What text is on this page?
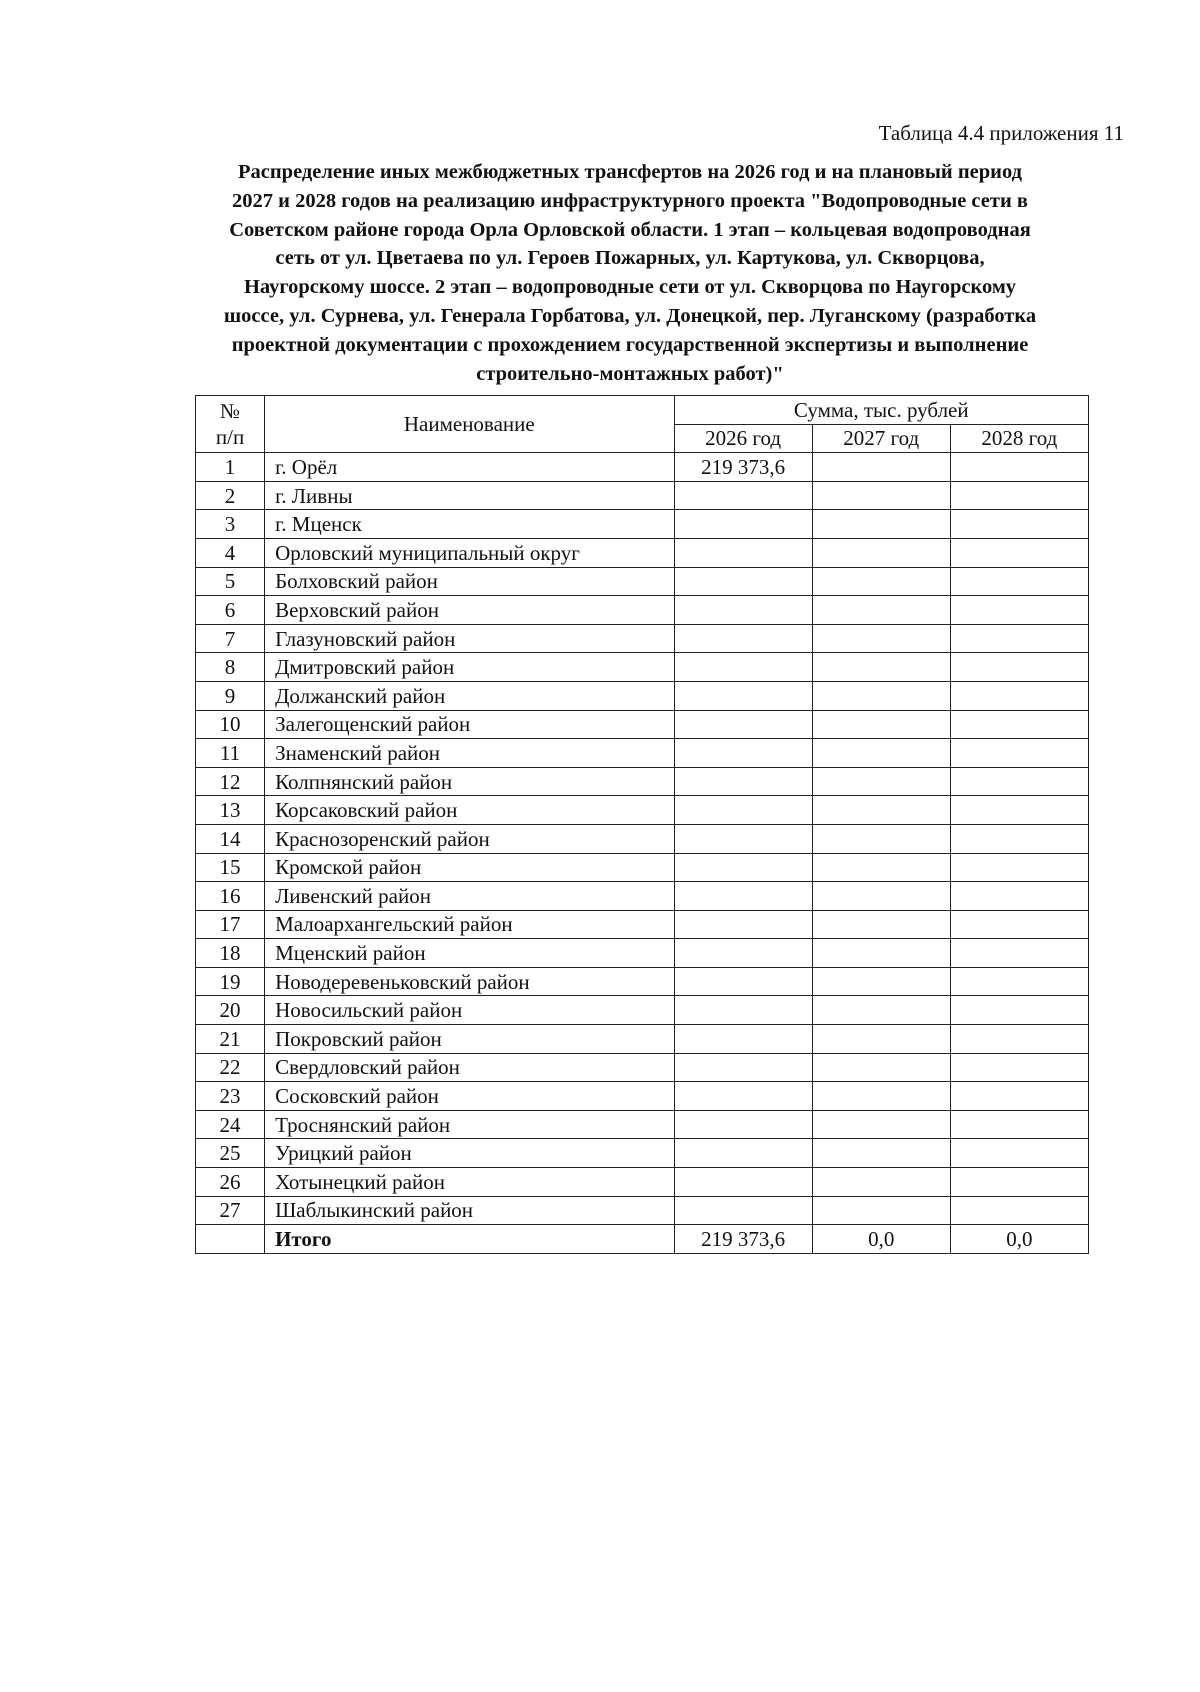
Таблица 4.4 приложения 11
Распределение иных межбюджетных трансфертов на 2026 год и на плановый период
2027 и 2028 годов на реализацию инфраструктурного проекта "Водопроводные сети в
Советском районе города Орла Орловской области. 1 этап – кольцевая водопроводная
сеть от ул. Цветаева по ул. Героев Пожарных, ул. Картукова, ул. Скворцова,
Наугорскому шоссе. 2 этап – водопроводные сети от ул. Скворцова по Наугорскому
шоссе, ул. Сурнева, ул. Генерала Горбатова, ул. Донецкой, пер. Луганскому (разработка
проектной документации с прохождением государственной экспертизы и выполнение
строительно-монтажных работ)"
№
п/п	Наименование	Сумма, тыс. рублей		
		2026 год	2027 год	2028 год
1	г. Орёл	219 373,6		
2	г. Ливны			
3	г. Мценск			
4	Орловский муниципальный округ			
5	Болховский район			
6	Верховский район			
7	Глазуновский район			
8	Дмитровский район			
9	Должанский район			
10	Залегощенский район			
11	Знаменский район			
12	Колпнянский район			
13	Корсаковский район			
14	Краснозоренский район			
15	Кромской район			
16	Ливенский район			
17	Малоархангельский район			
18	Мценский район			
19	Новодеревеньковский район			
20	Новосильский район			
21	Покровский район			
22	Свердловский район			
23	Сосковский район			
24	Троснянский район			
25	Урицкий район			
26	Хотынецкий район			
27	Шаблыкинский район			
	Итого	219 373,6	0,0	0,0
